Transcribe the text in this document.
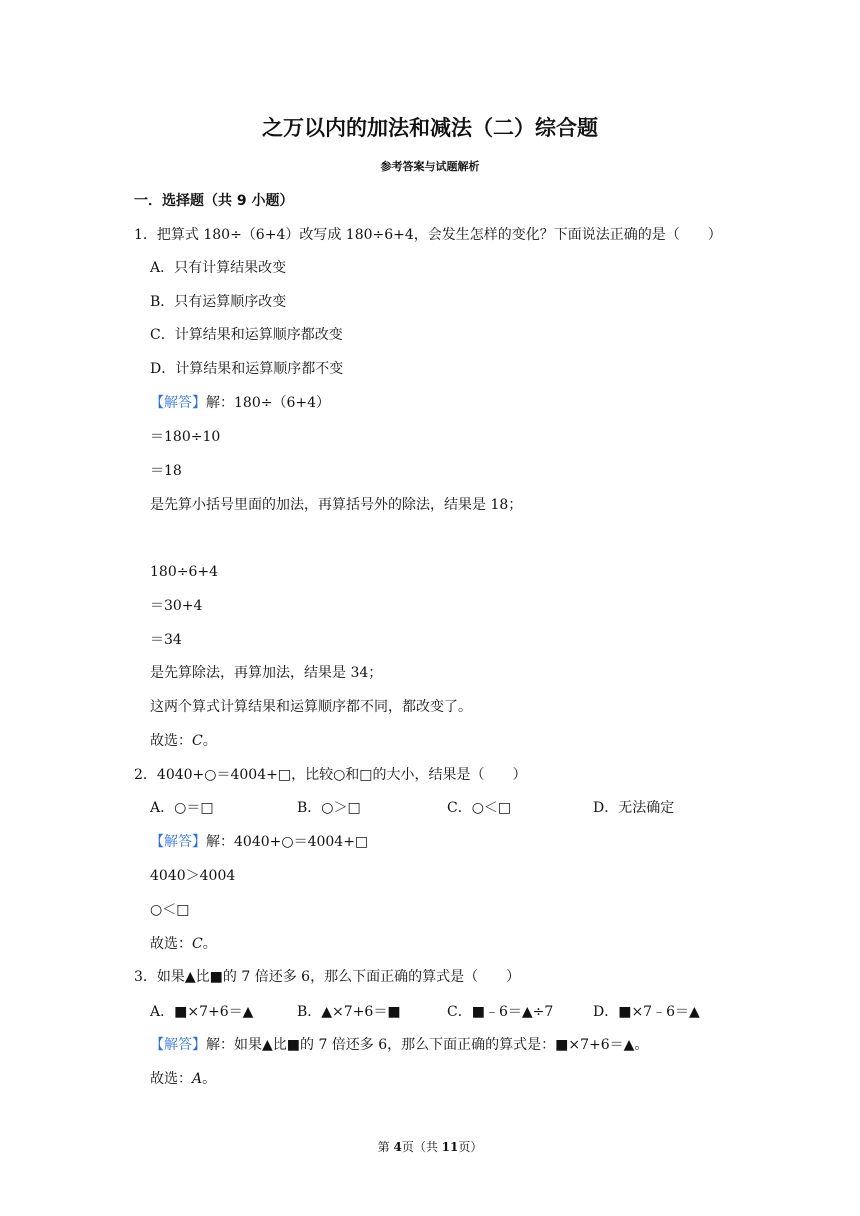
之万以内的加法和减法（二）综合题
参考答案与试题解析
一．选择题（共 9 小题）
1．把算式 180÷（6+4）改写成 180÷6+4，会发生怎样的变化？下面说法正确的是（　　）
A．只有计算结果改变
B．只有运算顺序改变
C．计算结果和运算顺序都改变
D．计算结果和运算顺序都不变
【解答】解：180÷（6+4）
＝180÷10
＝18
是先算小括号里面的加法，再算括号外的除法，结果是 18；
180÷6+4
＝30+4
＝34
是先算除法，再算加法，结果是 34；
这两个算式计算结果和运算顺序都不同，都改变了。
故选：C。
2．4040+○＝4004+□，比较○和□的大小，结果是（　　）
A．○＝□	B．○＞□	C．○＜□	D．无法确定
【解答】解：4040+○＝4004+□
4040＞4004
○＜□
故选：C。
3．如果▲比■的 7 倍还多 6，那么下面正确的算式是（　　）
A．■×7+6＝▲	B．▲×7+6＝■	C．■﹣6＝▲÷7	D．■×7﹣6＝▲
【解答】解：如果▲比■的 7 倍还多 6，那么下面正确的算式是：■×7+6＝▲。
故选：A。
第 4页（共 11页）
